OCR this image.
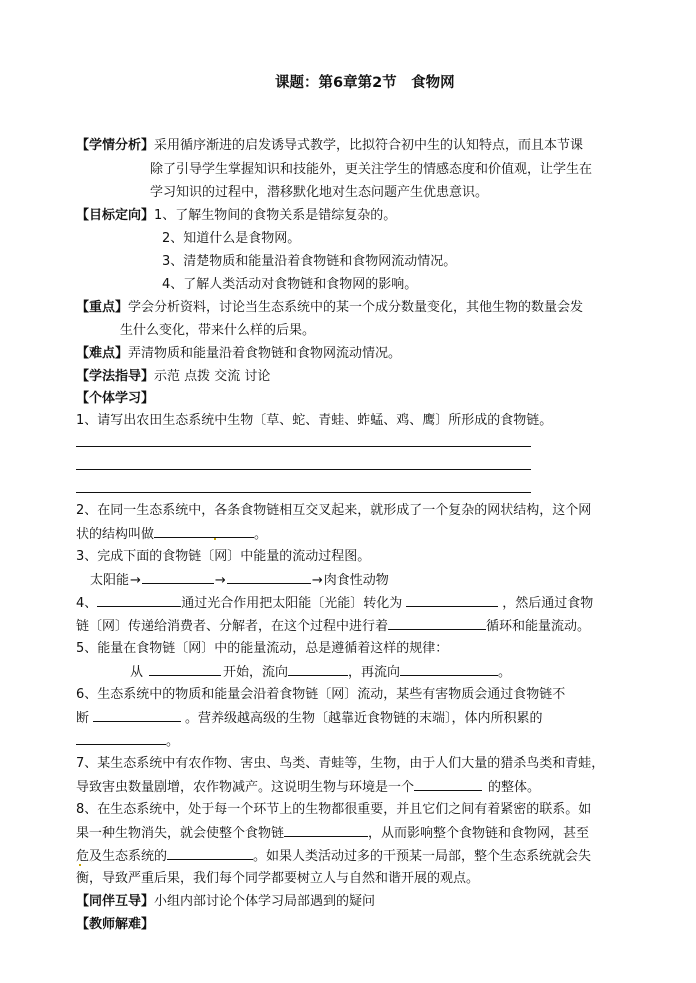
课题：第6章第2节　食物网
【学情分析】采用循序渐进的启发诱导式教学，比拟符合初中生的认知特点，而且本节课
除了引导学生掌握知识和技能外，更关注学生的情感态度和价值观，让学生在
学习知识的过程中，潜移默化地对生态问题产生优患意识。
【目标定向】1、了解生物间的食物关系是错综复杂的。
2、知道什么是食物网。
3、清楚物质和能量沿着食物链和食物网流动情况。
4、了解人类活动对食物链和食物网的影响。
【重点】学会分析资料，讨论当生态系统中的某一个成分数量变化，其他生物的数量会发
生什么变化，带来什么样的后果。
【难点】弄清物质和能量沿着食物链和食物网流动情况。
【学法指导】示范 点拨 交流 讨论
【个体学习】
1、请写出农田生态系统中生物〔草、蛇、青蛙、蚱蜢、鸡、鹰〕所形成的食物链。
2、在同一生态系统中，各条食物链相互交叉起来，就形成了一个复杂的网状结构，这个网
状的结构叫做	。
3、完成下面的食物链〔网〕中能量的流动过程图。
太阳能→	→	→肉食性动物
4、	通过光合作用把太阳能〔光能〕转化为	，然后通过食物
链〔网〕传递给消费者、分解者，在这个过程中进行着	循环和能量流动。
5、能量在食物链〔网〕中的能量流动，总是遵循着这样的规律：
从	开始，流向	，再流向	。
6、生态系统中的物质和能量会沿着食物链〔网〕流动，某些有害物质会通过食物链不
断	。营养级越高级的生物〔越靠近食物链的末端〕，体内所积累的
。
7、某生态系统中有农作物、害虫、鸟类、青蛙等，生物，由于人们大量的猎杀鸟类和青蛙，
导致害虫数量剧增，农作物减产。这说明生物与环境是一个	的整体。
8、在生态系统中，处于每一个环节上的生物都很重要，并且它们之间有着紧密的联系。如
果一种生物消失，就会使整个食物链	，从而影响整个食物链和食物网，甚至
危及生态系统的	。如果人类活动过多的干预某一局部，整个生态系统就会失
衡，导致严重后果，我们每个同学都要树立人与自然和谐开展的观点。
【同伴互导】小组内部讨论个体学习局部遇到的疑问
【教师解难】
